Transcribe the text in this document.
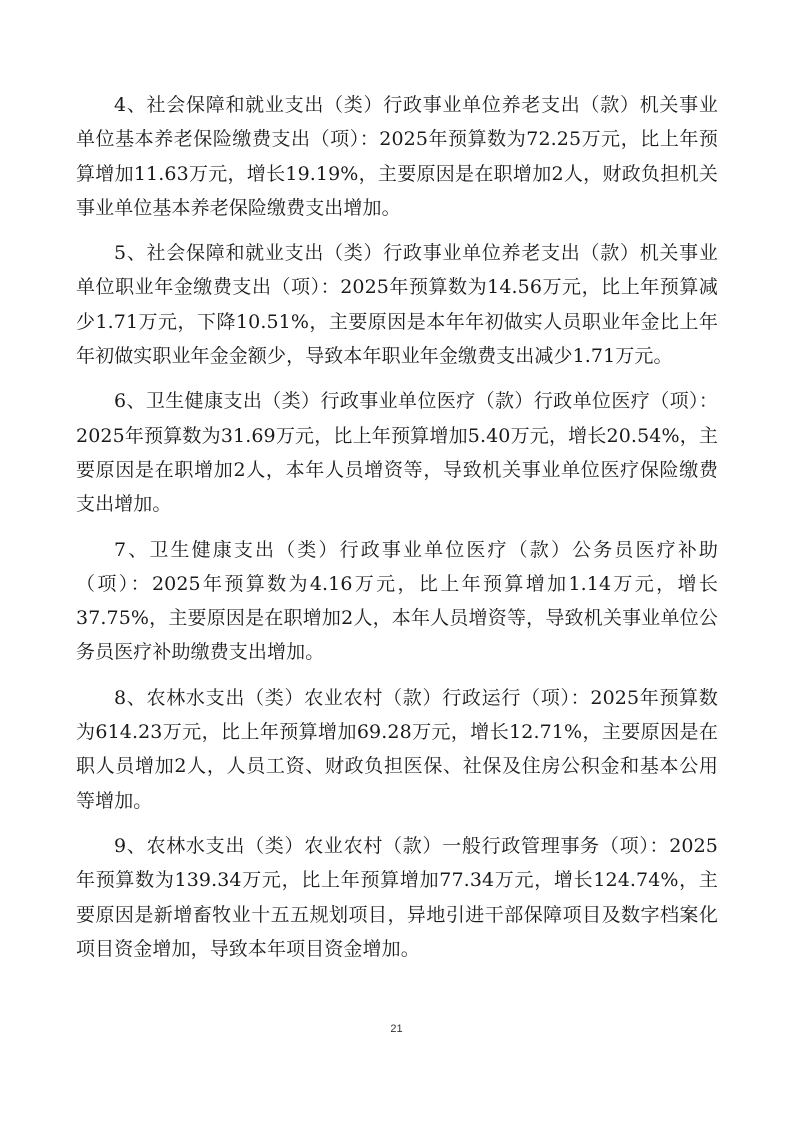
4、社会保障和就业支出（类）行政事业单位养老支出（款）机关事业单位基本养老保险缴费支出（项）：2025年预算数为72.25万元，比上年预算增加11.63万元，增长19.19%，主要原因是在职增加2人，财政负担机关事业单位基本养老保险缴费支出增加。

5、社会保障和就业支出（类）行政事业单位养老支出（款）机关事业单位职业年金缴费支出（项）：2025年预算数为14.56万元，比上年预算减少1.71万元，下降10.51%，主要原因是本年年初做实人员职业年金比上年年初做实职业年金金额少，导致本年职业年金缴费支出减少1.71万元。

6、卫生健康支出（类）行政事业单位医疗（款）行政单位医疗（项）：2025年预算数为31.69万元，比上年预算增加5.40万元，增长20.54%，主要原因是在职增加2人，本年人员增资等，导致机关事业单位医疗保险缴费支出增加。

7、卫生健康支出（类）行政事业单位医疗（款）公务员医疗补助（项）：2025年预算数为4.16万元，比上年预算增加1.14万元，增长37.75%，主要原因是在职增加2人，本年人员增资等，导致机关事业单位公务员医疗补助缴费支出增加。

8、农林水支出（类）农业农村（款）行政运行（项）：2025年预算数为614.23万元，比上年预算增加69.28万元，增长12.71%，主要原因是在职人员增加2人，人员工资、财政负担医保、社保及住房公积金和基本公用等增加。

9、农林水支出（类）农业农村（款）一般行政管理事务（项）：2025年预算数为139.34万元，比上年预算增加77.34万元，增长124.74%，主要原因是新增畜牧业十五五规划项目，异地引进干部保障项目及数字档案化项目资金增加，导致本年项目资金增加。

21
